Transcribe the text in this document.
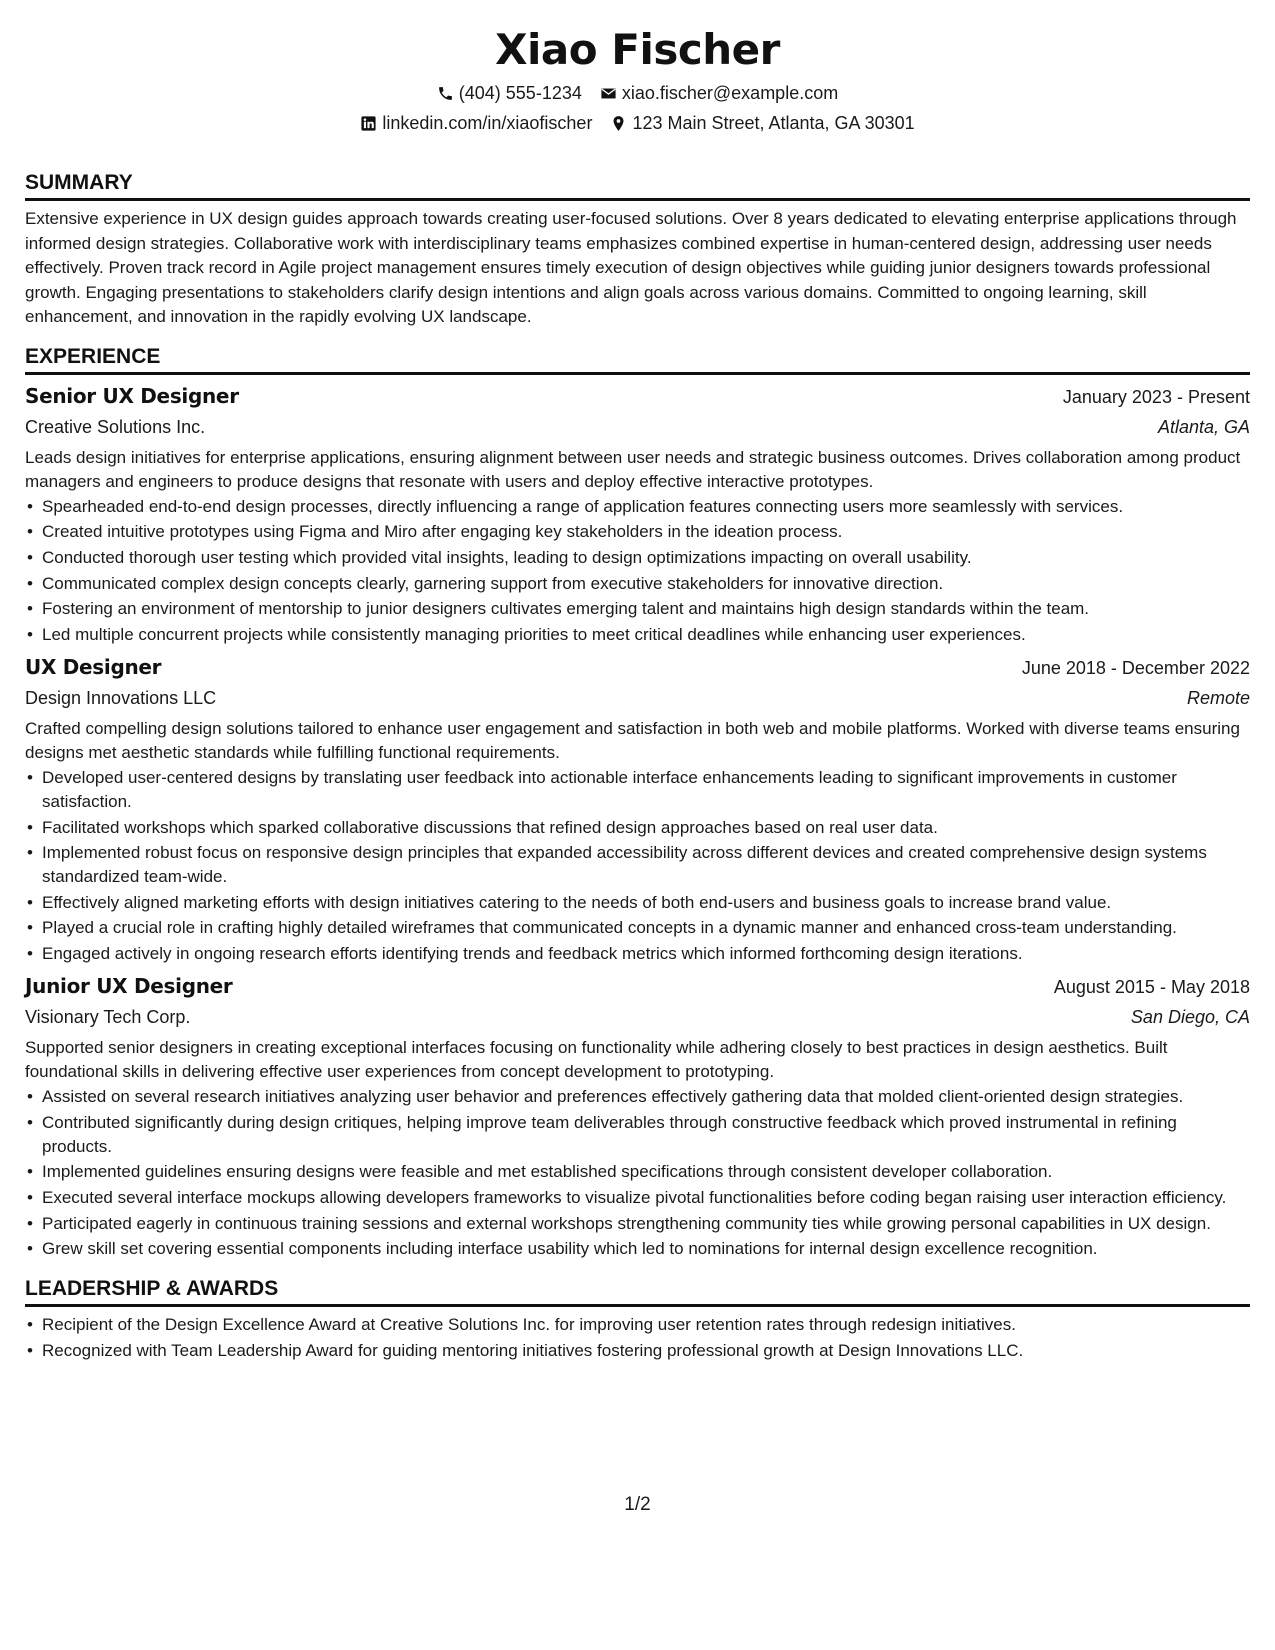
Xiao Fischer
(404) 555-1234 xiao.fischer@example.com
linkedin.com/in/xiaofischer 123 Main Street, Atlanta, GA 30301
SUMMARY

Extensive experience in UX design guides approach towards creating user-focused solutions. Over 8 years dedicated to elevating enterprise applications through informed design strategies. Collaborative work with interdisciplinary teams emphasizes combined expertise in human-centered design, addressing user needs effectively. Proven track record in Agile project management ensures timely execution of design objectives while guiding junior designers towards professional growth. Engaging presentations to stakeholders clarify design intentions and align goals across various domains. Committed to ongoing learning, skill enhancement, and innovation in the rapidly evolving UX landscape.

EXPERIENCE
Senior UX Designer	January 2023 - Present
Creative Solutions Inc.	Atlanta, GA

Leads design initiatives for enterprise applications, ensuring alignment between user needs and strategic business outcomes. Drives collaboration among product managers and engineers to produce designs that resonate with users and deploy effective interactive prototypes.

• Spearheaded end-to-end design processes, directly influencing a range of application features connecting users more seamlessly with services.
• Created intuitive prototypes using Figma and Miro after engaging key stakeholders in the ideation process.
• Conducted thorough user testing which provided vital insights, leading to design optimizations impacting on overall usability.
• Communicated complex design concepts clearly, garnering support from executive stakeholders for innovative direction.
• Fostering an environment of mentorship to junior designers cultivates emerging talent and maintains high design standards within the team.
• Led multiple concurrent projects while consistently managing priorities to meet critical deadlines while enhancing user experiences.
UX Designer	June 2018 - December 2022
Design Innovations LLC	Remote

Crafted compelling design solutions tailored to enhance user engagement and satisfaction in both web and mobile platforms. Worked with diverse teams ensuring designs met aesthetic standards while fulfilling functional requirements.

• Developed user-centered designs by translating user feedback into actionable interface enhancements leading to significant improvements in customer satisfaction.
• Facilitated workshops which sparked collaborative discussions that refined design approaches based on real user data.
• Implemented robust focus on responsive design principles that expanded accessibility across different devices and created comprehensive design systems standardized team-wide.
• Effectively aligned marketing efforts with design initiatives catering to the needs of both end-users and business goals to increase brand value.
• Played a crucial role in crafting highly detailed wireframes that communicated concepts in a dynamic manner and enhanced cross-team understanding.
• Engaged actively in ongoing research efforts identifying trends and feedback metrics which informed forthcoming design iterations.
Junior UX Designer	August 2015 - May 2018
Visionary Tech Corp.	San Diego, CA

Supported senior designers in creating exceptional interfaces focusing on functionality while adhering closely to best practices in design aesthetics. Built foundational skills in delivering effective user experiences from concept development to prototyping.

• Assisted on several research initiatives analyzing user behavior and preferences effectively gathering data that molded client-oriented design strategies.
• Contributed significantly during design critiques, helping improve team deliverables through constructive feedback which proved instrumental in refining products.
• Implemented guidelines ensuring designs were feasible and met established specifications through consistent developer collaboration.
• Executed several interface mockups allowing developers frameworks to visualize pivotal functionalities before coding began raising user interaction efficiency.
• Participated eagerly in continuous training sessions and external workshops strengthening community ties while growing personal capabilities in UX design.
• Grew skill set covering essential components including interface usability which led to nominations for internal design excellence recognition.
LEADERSHIP & AWARDS
• Recipient of the Design Excellence Award at Creative Solutions Inc. for improving user retention rates through redesign initiatives.
• Recognized with Team Leadership Award for guiding mentoring initiatives fostering professional growth at Design Innovations LLC.
1/2
